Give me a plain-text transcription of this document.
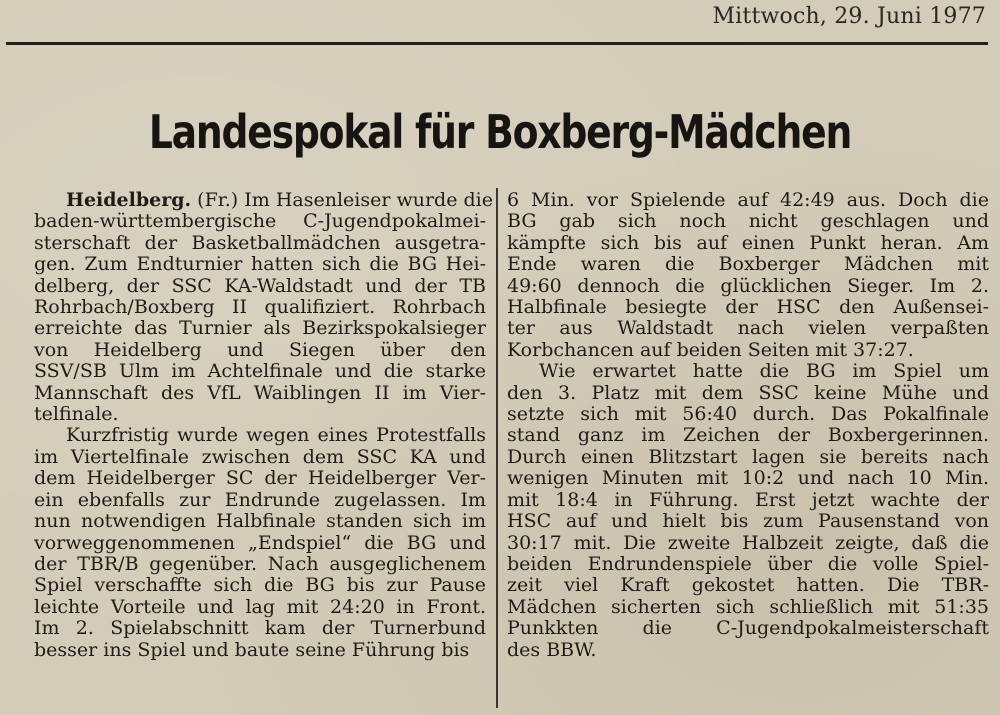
Mittwoch, 29. Juni 1977
Landespokal für Boxberg-Mädchen

Heidelberg. (Fr.) Im Hasenleiser wurde die
baden-württembergische C-Jugendpokalmei-
sterschaft der Basketballmädchen ausgetra-
gen. Zum Endturnier hatten sich die BG Hei-
delberg, der SSC KA-Waldstadt und der TB
Rohrbach/Boxberg II qualifiziert. Rohrbach
erreichte das Turnier als Bezirkspokalsieger
von Heidelberg und Siegen über den
SSV/SB Ulm im Achtelfinale und die starke
Mannschaft des VfL Waiblingen II im Vier-
telfinale.

Kurzfristig wurde wegen eines Protestfalls
im Viertelfinale zwischen dem SSC KA und
dem Heidelberger SC der Heidelberger Ver-
ein ebenfalls zur Endrunde zugelassen. Im
nun notwendigen Halbfinale standen sich im
vorweggenommenen „Endspiel“ die BG und
der TBR/B gegenüber. Nach ausgeglichenem
Spiel verschaffte sich die BG bis zur Pause
leichte Vorteile und lag mit 24:20 in Front.
Im 2. Spielabschnitt kam der Turnerbund
besser ins Spiel und baute seine Führung bis

6 Min. vor Spielende auf 42:49 aus. Doch die
BG gab sich noch nicht geschlagen und
kämpfte sich bis auf einen Punkt heran. Am
Ende waren die Boxberger Mädchen mit
49:60 dennoch die glücklichen Sieger. Im 2.
Halbfinale besiegte der HSC den Außensei-
ter aus Waldstadt nach vielen verpaßten
Korbchancen auf beiden Seiten mit 37:27.

Wie erwartet hatte die BG im Spiel um
den 3. Platz mit dem SSC keine Mühe und
setzte sich mit 56:40 durch. Das Pokalfinale
stand ganz im Zeichen der Boxbergerinnen.
Durch einen Blitzstart lagen sie bereits nach
wenigen Minuten mit 10:2 und nach 10 Min.
mit 18:4 in Führung. Erst jetzt wachte der
HSC auf und hielt bis zum Pausenstand von
30:17 mit. Die zweite Halbzeit zeigte, daß die
beiden Endrundenspiele über die volle Spiel-
zeit viel Kraft gekostet hatten. Die TBR-
Mädchen sicherten sich schließlich mit 51:35
Punkkten die C-Jugendpokalmeisterschaft
des BBW.
